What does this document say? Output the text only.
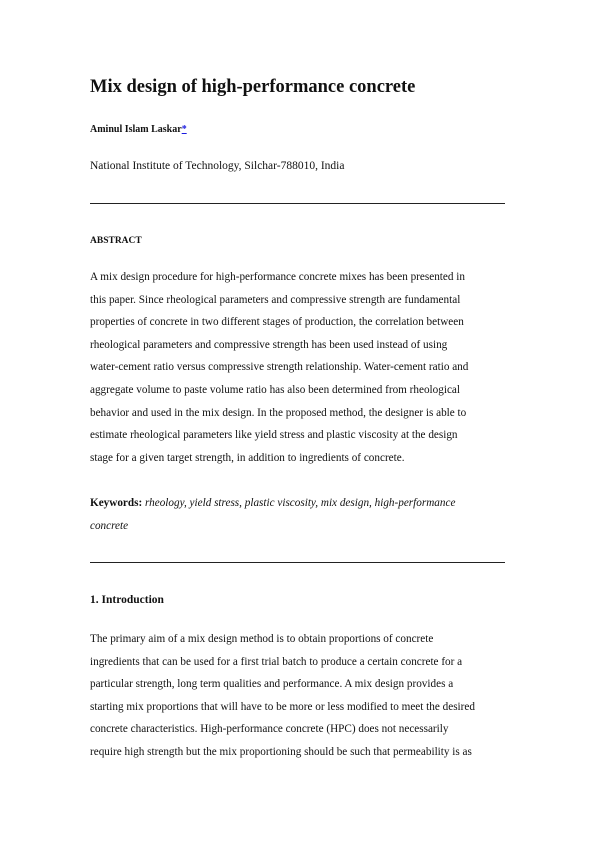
Mix design of high-performance concrete
Aminul Islam Laskar*
National Institute of Technology, Silchar-788010, India
ABSTRACT
A mix design procedure for high-performance concrete mixes has been presented in
this paper. Since rheological parameters and compressive strength are fundamental
properties of concrete in two different stages of production, the correlation between
rheological parameters and compressive strength has been used instead of using
water-cement ratio versus compressive strength relationship. Water-cement ratio and
aggregate volume to paste volume ratio has also been determined from rheological
behavior and used in the mix design. In the proposed method, the designer is able to
estimate rheological parameters like yield stress and plastic viscosity at the design
stage for a given target strength, in addition to ingredients of concrete.
Keywords: rheology, yield stress, plastic viscosity, mix design, high-performance
concrete
1. Introduction
The primary aim of a mix design method is to obtain proportions of concrete
ingredients that can be used for a first trial batch to produce a certain concrete for a
particular strength, long term qualities and performance. A mix design provides a
starting mix proportions that will have to be more or less modified to meet the desired
concrete characteristics. High-performance concrete (HPC) does not necessarily
require high strength but the mix proportioning should be such that permeability is as
